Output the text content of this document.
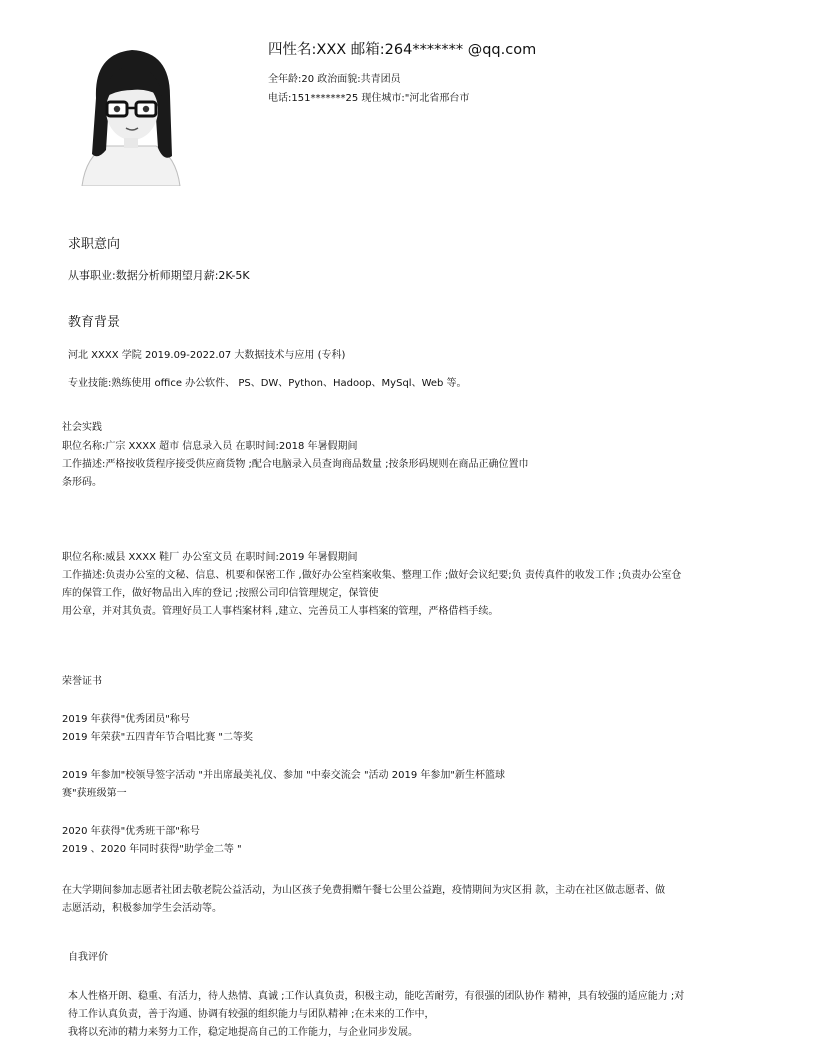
四性名:XXX 邮箱:264******* @qq.com
全年龄:20 政治面貌:共青团员
电话:151*******25 现住城市:"河北省邢台市
求职意向
从事职业:数据分析师期望月薪:2K-5K
教育背景
河北 XXXX 学院 2019.09-2022.07 大数据技术与应用 (专科)
专业技能:熟练使用 office 办公软件、 PS、DW、Python、Hadoop、MySql、Web 等。
社会实践
职位名称:广宗 XXXX 超市 信息录入员 在职时间:2018 年暑假期间
工作描述:严格按收货程序接受供应商货物 ;配合电脑录入员查询商品数量 ;按条形码规则在商品正确位置巾
条形码。
职位名称:威县 XXXX 鞋厂 办公室文员 在职时间:2019 年暑假期间
工作描述:负责办公室的文秘、信息、机要和保密工作 ,做好办公室档案收集、整理工作 ;做好会议纪要;负 责传真件的收发工作 ;负责办公室仓
库的保管工作，做好物品出入库的登记 ;按照公司印信管理规定，保管使
用公章，并对其负责。管理好员工人事档案材料 ,建立、完善员工人事档案的管理，严格借档手续。
荣誉证书
2019 年获得"优秀团员"称号
2019 年荣获"五四青年节合唱比赛 "二等奖
2019 年参加"校领导签字活动 "并出席最美礼仪、参加 "中泰交流会 "活动 2019 年参加"新生杯篮球
赛"获班级第一
2020 年获得"优秀班干部"称号
2019 、2020 年同时获得"助学金二等 "
在大学期间参加志愿者社团去敬老院公益活动，为山区孩子免费捐赠午餐七公里公益跑，疫情期间为灾区捐 款，主动在社区做志愿者、做
志愿活动，积极参加学生会活动等。
自我评价
本人性格开朗、稳重、有活力，待人热情、真诚 ;工作认真负责，积极主动，能吃苦耐劳，有很强的团队协作 精神，具有较强的适应能力 ;对
待工作认真负责，善于沟通、协调有较强的组织能力与团队精神 ;在未来的工作中，
我将以充沛的精力来努力工作，稳定地提高自己的工作能力，与企业同步发展。
